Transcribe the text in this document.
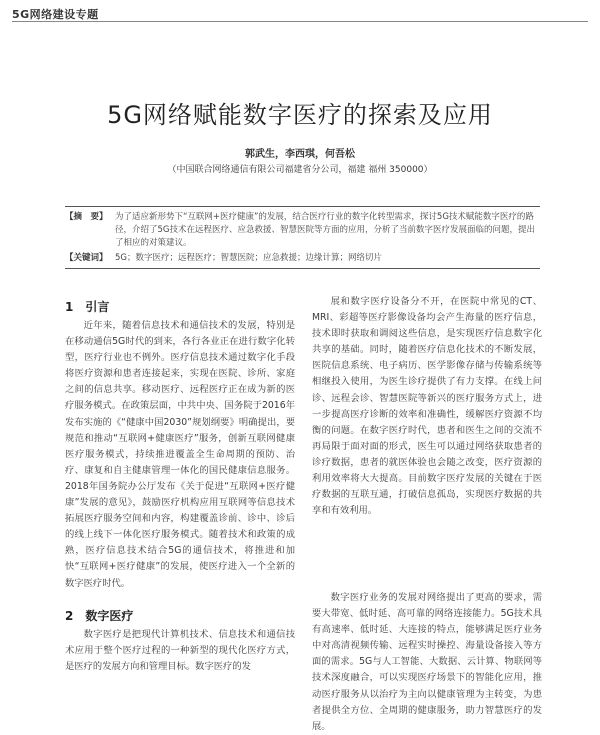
5G网络建设专题
5G网络赋能数字医疗的探索及应用
郭武生，李西琪，何吾松
（中国联合网络通信有限公司福建省分公司，福建 福州 350000）
【摘　要】 为了适应新形势下“互联网+医疗健康”的发展，结合医疗行业的数字化转型需求，探讨5G技术赋能数字医疗的路径，介绍了5G技术在远程医疗、应急救援、智慧医院等方面的应用，分析了当前数字医疗发展面临的问题，提出了相应的对策建议。
【关键词】 5G；数字医疗；远程医疗；智慧医院；应急救援；边缘计算；网络切片
1　引言

近年来，随着信息技术和通信技术的发展，特别是在移动通信5G时代的到来，各行各业正在进行数字化转型，医疗行业也不例外。医疗信息技术通过数字化手段将医疗资源和患者连接起来，实现在医院、诊所、家庭之间的信息共享。移动医疗、远程医疗正在成为新的医疗服务模式。在政策层面，中共中央、国务院于2016年发布实施的《“健康中国2030”规划纲要》明确提出，要规范和推动“互联网+健康医疗”服务，创新互联网健康医疗服务模式，持续推进覆盖全生命周期的预防、治疗、康复和自主健康管理一体化的国民健康信息服务。2018年国务院办公厅发布《关于促进“互联网+医疗健康”发展的意见》，鼓励医疗机构应用互联网等信息技术拓展医疗服务空间和内容，构建覆盖诊前、诊中、诊后的线上线下一体化医疗服务模式。随着技术和政策的成熟，医疗信息技术结合5G的通信技术，将推进和加快“互联网+医疗健康”的发展，使医疗进入一个全新的数字医疗时代。

2　数字医疗

数字医疗是把现代计算机技术、信息技术和通信技术应用于整个医疗过程的一种新型的现代化医疗方式，是医疗的发展方向和管理目标。数字医疗的发

展和数字医疗设备分不开，在医院中常见的CT、MRI、彩超等医疗影像设备均会产生海量的医疗信息，技术即时获取和调阅这些信息，是实现医疗信息数字化共享的基础。同时，随着医疗信息化技术的不断发展，医院信息系统、电子病历、医学影像存储与传输系统等相继投入使用，为医生诊疗提供了有力支撑。在线上问诊、远程会诊、智慧医院等新兴的医疗服务方式上，进一步提高医疗诊断的效率和准确性，缓解医疗资源不均衡的问题。在数字医疗时代，患者和医生之间的交流不再局限于面对面的形式，医生可以通过网络获取患者的诊疗数据，患者的就医体验也会随之改变，医疗资源的利用效率将大大提高。目前数字医疗发展的关键在于医疗数据的互联互通，打破信息孤岛，实现医疗数据的共享和有效利用。

数字医疗业务的发展对网络提出了更高的要求，需要大带宽、低时延、高可靠的网络连接能力。5G技术具有高速率、低时延、大连接的特点，能够满足医疗业务中对高清视频传输、远程实时操控、海量设备接入等方面的需求。5G与人工智能、大数据、云计算、物联网等技术深度融合，可以实现医疗场景下的智能化应用，推动医疗服务从以治疗为主向以健康管理为主转变，为患者提供全方位、全周期的健康服务，助力智慧医疗的发展。
